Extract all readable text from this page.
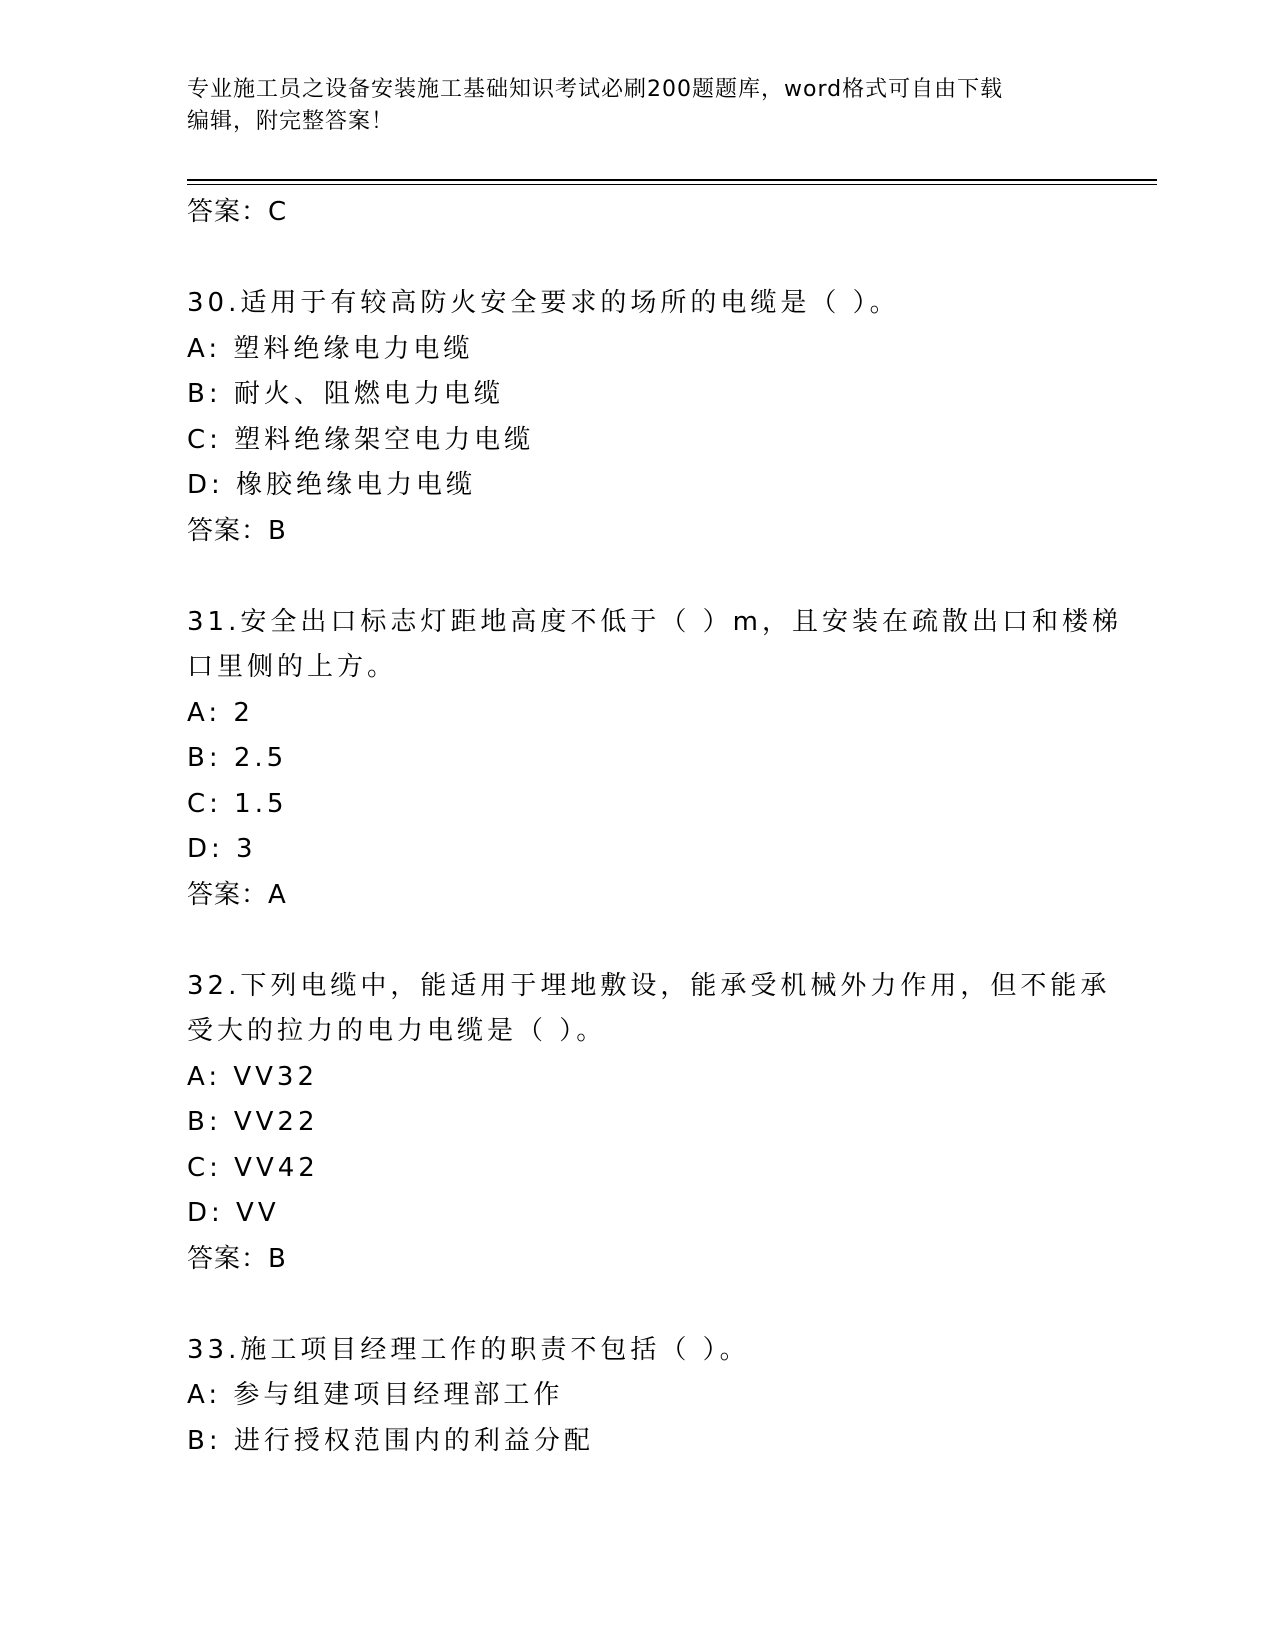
专业施工员之设备安装施工基础知识考试必刷200题题库，word格式可自由下载
编辑，附完整答案！
答案：C
30.适用于有较高防火安全要求的场所的电缆是（ ）。
A: 塑料绝缘电力电缆
B: 耐火、阻燃电力电缆
C: 塑料绝缘架空电力电缆
D: 橡胶绝缘电力电缆
答案：B
31.安全出口标志灯距地高度不低于（ ）m，且安装在疏散出口和楼梯
口里侧的上方。
A: 2
B: 2.5
C: 1.5
D: 3
答案：A
32.下列电缆中，能适用于埋地敷设，能承受机械外力作用，但不能承
受大的拉力的电力电缆是（ ）。
A: VV32
B: VV22
C: VV42
D: VV
答案：B
33.施工项目经理工作的职责不包括（ ）。
A: 参与组建项目经理部工作
B: 进行授权范围内的利益分配
